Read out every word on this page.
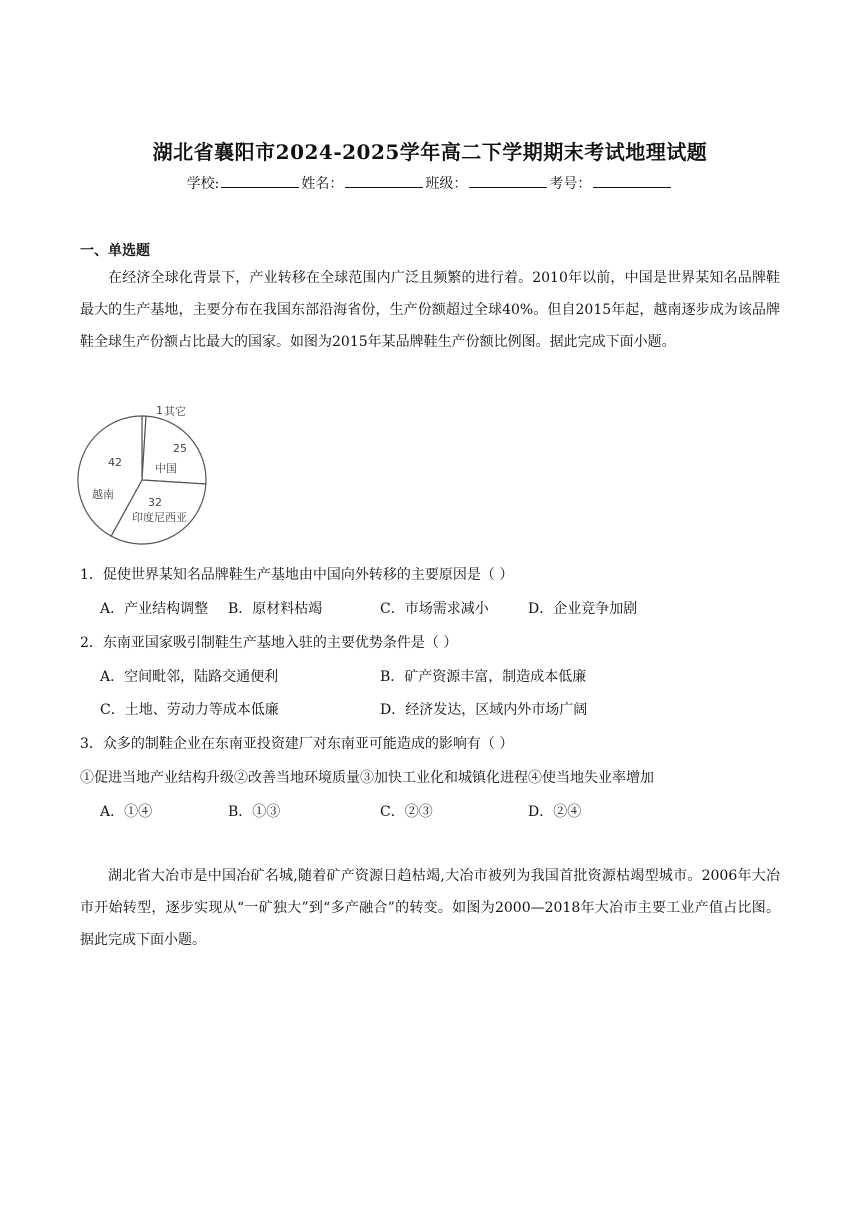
湖北省襄阳市2024-2025学年高二下学期期末考试地理试题
学校:	姓名：	班级：	考号：
一、单选题
在经济全球化背景下，产业转移在全球范围内广泛且频繁的进行着。2010年以前，中国是世界某知名品牌鞋最大的生产基地，主要分布在我国东部沿海省份，生产份额超过全球40%。但自2015年起，越南逐步成为该品牌鞋全球生产份额占比最大的国家。如图为2015年某品牌鞋生产份额比例图。据此完成下面小题。
1 其它
25
中国
32
印度尼西亚
42
越南
1．促使世界某知名品牌鞋生产基地由中国向外转移的主要原因是（ ）
A．产业结构调整 B．原材料枯竭	C．市场需求减小	D．企业竞争加剧
2．东南亚国家吸引制鞋生产基地入驻的主要优势条件是（ ）
A．空间毗邻，陆路交通便利	B．矿产资源丰富，制造成本低廉
C．土地、劳动力等成本低廉	D．经济发达，区域内外市场广阔
3．众多的制鞋企业在东南亚投资建厂对东南亚可能造成的影响有（ ）
①促进当地产业结构升级②改善当地环境质量③加快工业化和城镇化进程④使当地失业率增加
A．①④	B．①③	C．②③	D．②④
湖北省大冶市是中国冶矿名城,随着矿产资源日趋枯竭,大冶市被列为我国首批资源枯竭型城市。2006年大冶市开始转型，逐步实现从“一矿独大”到“多产融合”的转变。如图为2000—2018年大冶市主要工业产值占比图。据此完成下面小题。
